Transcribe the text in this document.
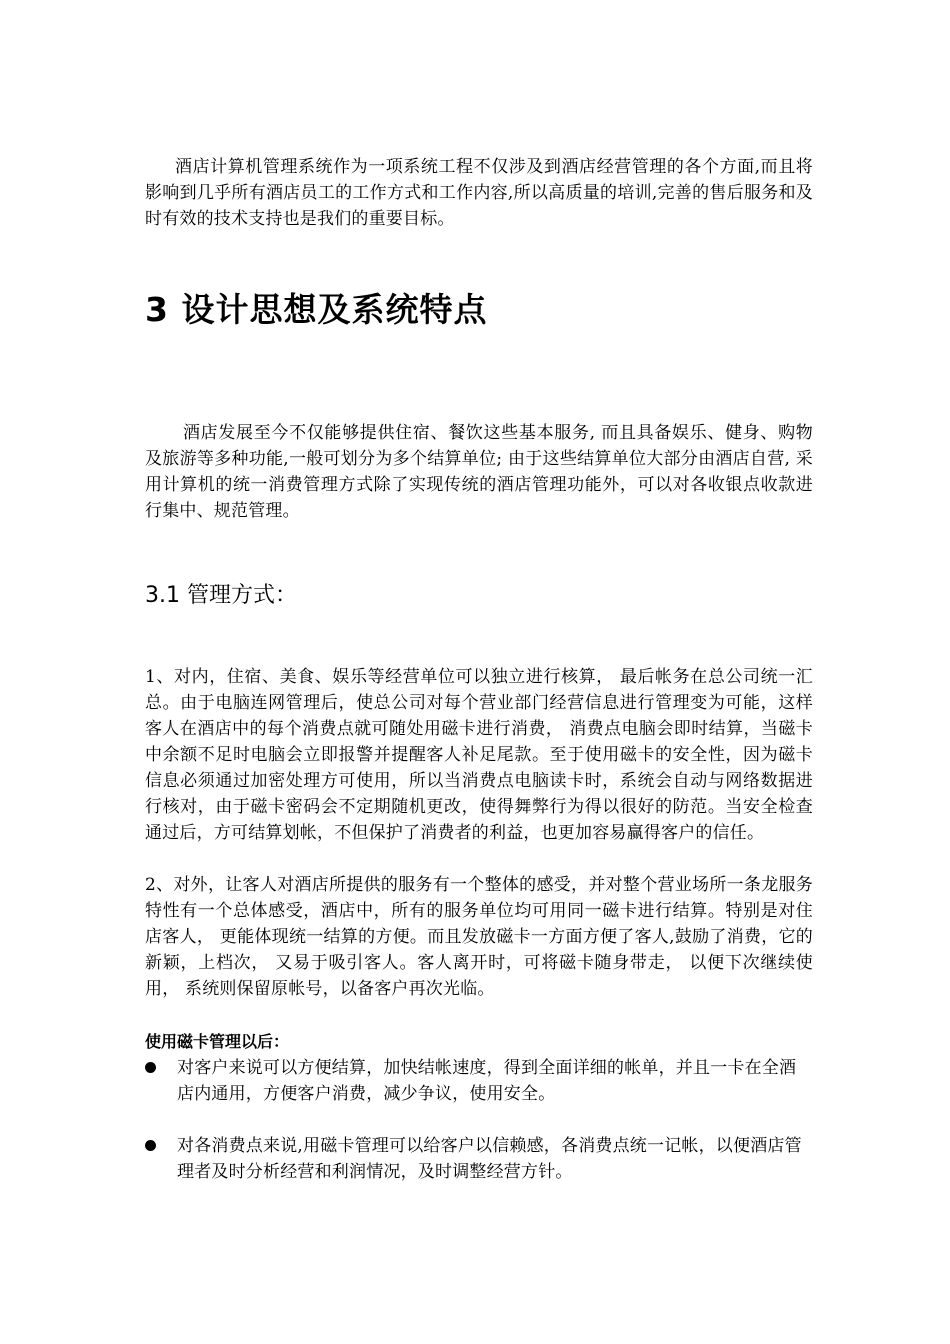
酒店计算机管理系统作为一项系统工程不仅涉及到酒店经营管理的各个方面,而且将影响到几乎所有酒店员工的工作方式和工作内容,所以高质量的培训,完善的售后服务和及时有效的技术支持也是我们的重要目标。

3 设计思想及系统特点

酒店发展至今不仅能够提供住宿、餐饮这些基本服务, 而且具备娱乐、健身、购物及旅游等多种功能,一般可划分为多个结算单位; 由于这些结算单位大部分由酒店自营, 采用计算机的统一消费管理方式除了实现传统的酒店管理功能外，可以对各收银点收款进行集中、规范管理。

3.1 管理方式：

1、对内，住宿、美食、娱乐等经营单位可以独立进行核算， 最后帐务在总公司统一汇总。由于电脑连网管理后，使总公司对每个营业部门经营信息进行管理变为可能，这样客人在酒店中的每个消费点就可随处用磁卡进行消费， 消费点电脑会即时结算，当磁卡中余额不足时电脑会立即报警并提醒客人补足尾款。至于使用磁卡的安全性，因为磁卡信息必须通过加密处理方可使用，所以当消费点电脑读卡时，系统会自动与网络数据进行核对，由于磁卡密码会不定期随机更改，使得舞弊行为得以很好的防范。当安全检查通过后，方可结算划帐，不但保护了消费者的利益，也更加容易赢得客户的信任。

2、对外，让客人对酒店所提供的服务有一个整体的感受，并对整个营业场所一条龙服务特性有一个总体感受，酒店中，所有的服务单位均可用同一磁卡进行结算。特别是对住店客人， 更能体现统一结算的方便。而且发放磁卡一方面方便了客人,鼓励了消费，它的新颖，上档次， 又易于吸引客人。客人离开时，可将磁卡随身带走， 以便下次继续使用， 系统则保留原帐号，以备客户再次光临。

使用磁卡管理以后：

对客户来说可以方便结算，加快结帐速度，得到全面详细的帐单，并且一卡在全酒店内通用，方便客户消费，减少争议，使用安全。

对各消费点来说,用磁卡管理可以给客户以信赖感，各消费点统一记帐，以便酒店管理者及时分析经营和利润情况，及时调整经营方针。
